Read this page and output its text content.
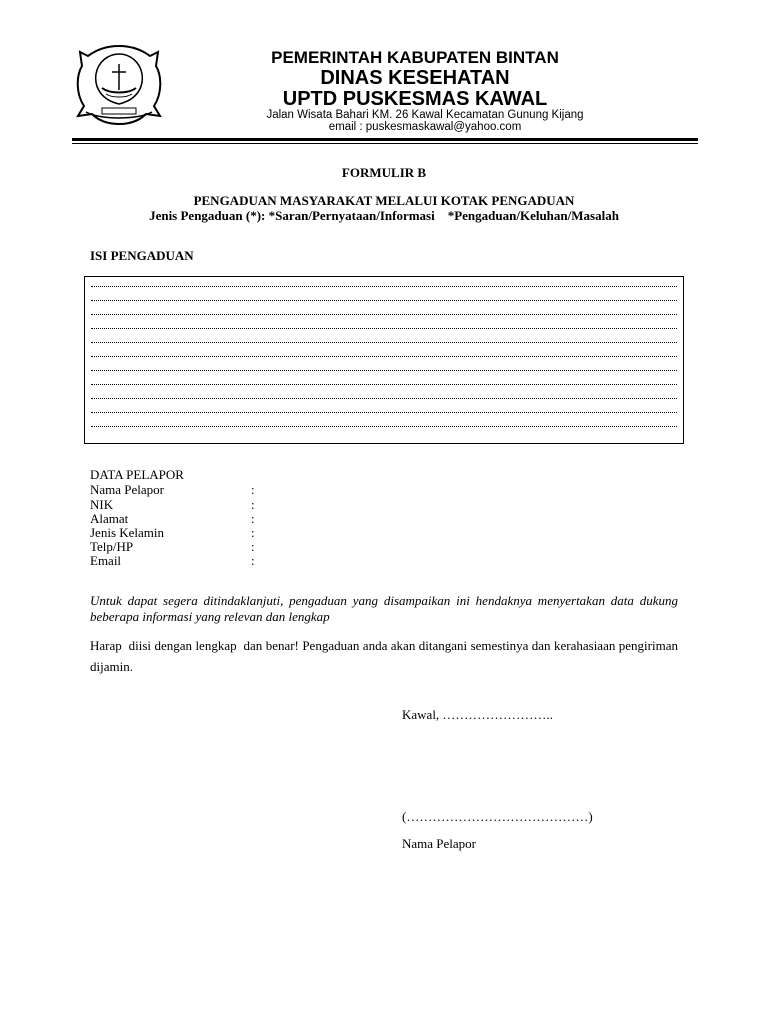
PEMERINTAH KABUPATEN BINTAN
DINAS KESEHATAN
UPTD PUSKESMAS KAWAL
Jalan Wisata Bahari KM. 26 Kawal Kecamatan Gunung Kijang
email : puskesmaskawal@yahoo.com
FORMULIR B
PENGADUAN MASYARAKAT MELALUI KOTAK PENGADUAN
Jenis Pengaduan (*): *Saran/Pernyataan/Informasi    *Pengaduan/Keluhan/Masalah
ISI PENGADUAN
DATA PELAPOR
Nama Pelapor	:
NIK	:
Alamat	:
Jenis Kelamin	:
Telp/HP	:
Email	:
Untuk dapat segera ditindaklanjuti, pengaduan yang disampaikan ini hendaknya menyertakan data dukung beberapa informasi yang relevan dan lengkap
Harap  diisi dengan lengkap  dan benar! Pengaduan anda akan ditangani semestinya dan kerahasiaan pengiriman dijamin.
Kawal, ……………………..
(……………………………………)
Nama Pelapor
